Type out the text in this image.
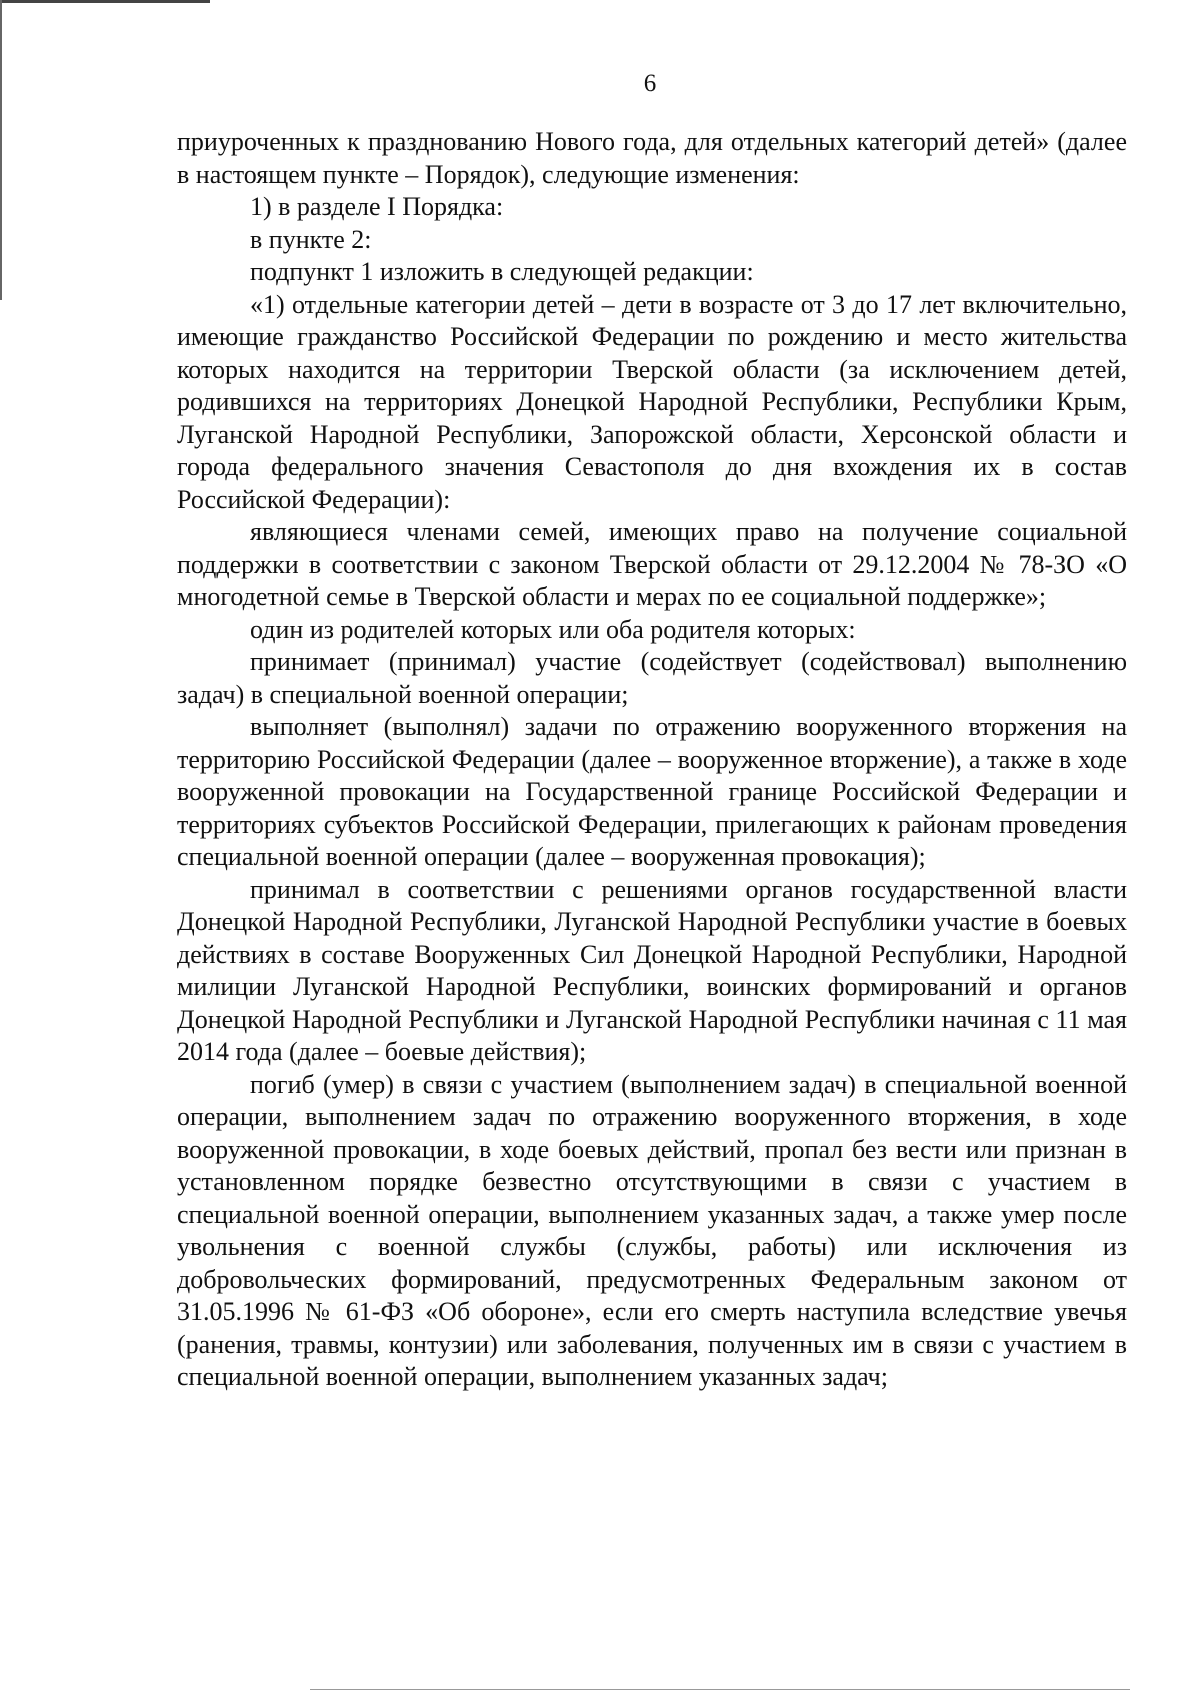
6

приуроченных к празднованию Нового года, для отдельных категорий детей» (далее в настоящем пункте – Порядок), следующие изменения:

1) в разделе I Порядка:

в пункте 2:

подпункт 1 изложить в следующей редакции:

«1) отдельные категории детей – дети в возрасте от 3 до 17 лет включительно, имеющие гражданство Российской Федерации по рождению и место жительства которых находится на территории Тверской области (за исключением детей, родившихся на территориях Донецкой Народной Республики, Республики Крым, Луганской Народной Республики, Запорожской области, Херсонской области и города федерального значения Севастополя до дня вхождения их в состав Российской Федерации):

являющиеся членами семей, имеющих право на получение социальной поддержки в соответствии с законом Тверской области от 29.12.2004 № 78-ЗО «О многодетной семье в Тверской области и мерах по ее социальной поддержке»;

один из родителей которых или оба родителя которых:

принимает (принимал) участие (содействует (содействовал) выполнению задач) в специальной военной операции;

выполняет (выполнял) задачи по отражению вооруженного вторжения на территорию Российской Федерации (далее – вооруженное вторжение), а также в ходе вооруженной провокации на Государственной границе Российской Федерации и территориях субъектов Российской Федерации, прилегающих к районам проведения специальной военной операции (далее – вооруженная провокация);

принимал в соответствии с решениями органов государственной власти Донецкой Народной Республики, Луганской Народной Республики участие в боевых действиях в составе Вооруженных Сил Донецкой Народной Республики, Народной милиции Луганской Народной Республики, воинских формирований и органов Донецкой Народной Республики и Луганской Народной Республики начиная с 11 мая 2014 года (далее – боевые действия);

погиб (умер) в связи с участием (выполнением задач) в специальной военной операции, выполнением задач по отражению вооруженного вторжения, в ходе вооруженной провокации, в ходе боевых действий, пропал без вести или признан в установленном порядке безвестно отсутствующими в связи с участием в специальной военной операции, выполнением указанных задач, а также умер после увольнения с военной службы (службы, работы) или исключения из добровольческих формирований, предусмотренных Федеральным законом от 31.05.1996 № 61-ФЗ «Об обороне», если его смерть наступила вследствие увечья (ранения, травмы, контузии) или заболевания, полученных им в связи с участием в специальной военной операции, выполнением указанных задач;
